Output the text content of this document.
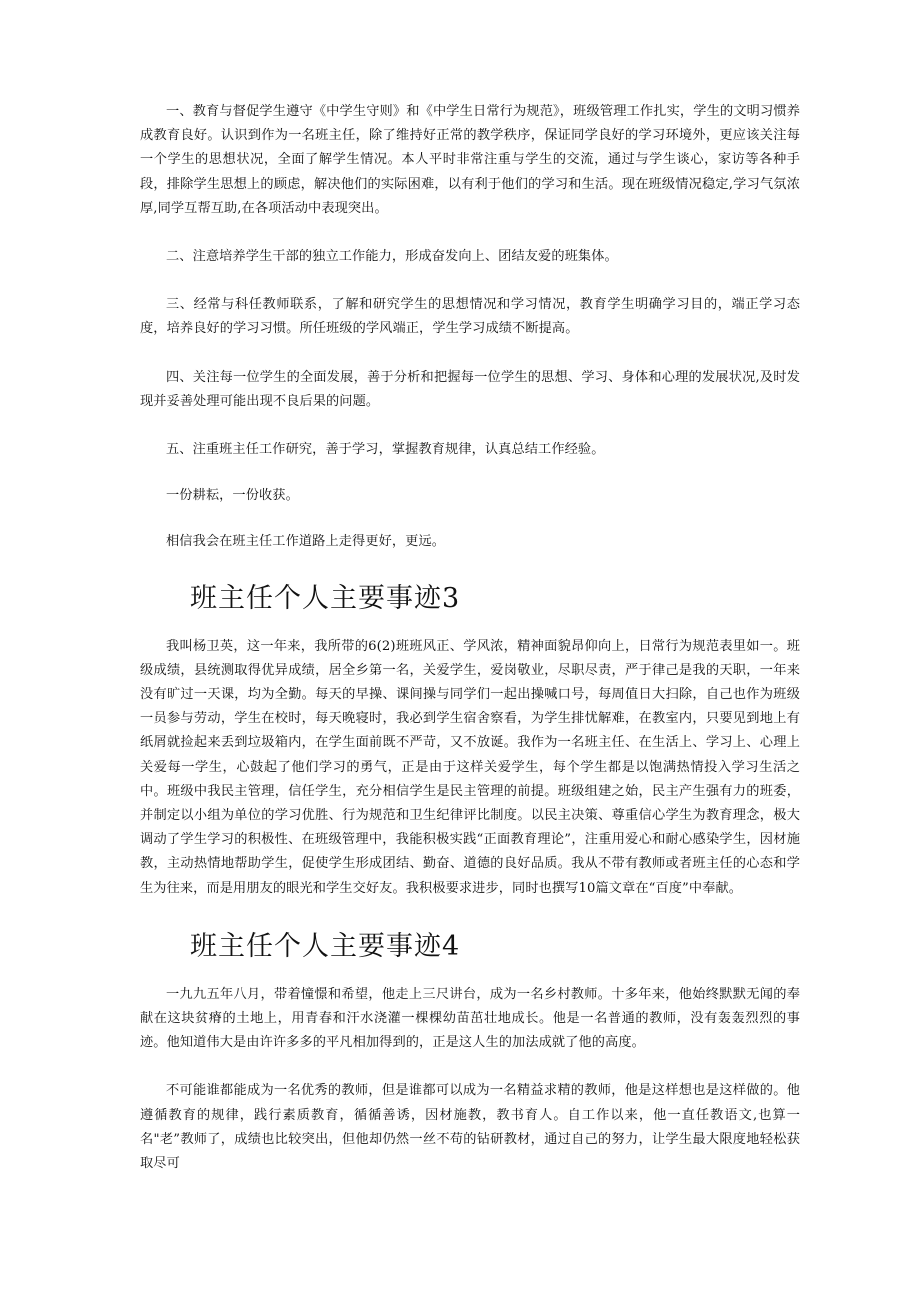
一、教育与督促学生遵守《中学生守则》和《中学生日常行为规范》，班级管理工作扎实，学生的文明习惯养成教育良好。认识到作为一名班主任，除了维持好正常的教学秩序，保证同学良好的学习环境外，更应该关注每一个学生的思想状况，全面了解学生情况。本人平时非常注重与学生的交流，通过与学生谈心，家访等各种手段，排除学生思想上的顾虑，解决他们的实际困难，以有利于他们的学习和生活。现在班级情况稳定,学习气氛浓厚,同学互帮互助,在各项活动中表现突出。

二、注意培养学生干部的独立工作能力，形成奋发向上、团结友爱的班集体。

三、经常与科任教师联系，了解和研究学生的思想情况和学习情况，教育学生明确学习目的，端正学习态度，培养良好的学习习惯。所任班级的学风端正，学生学习成绩不断提高。

四、关注每一位学生的全面发展，善于分析和把握每一位学生的思想、学习、身体和心理的发展状况,及时发现并妥善处理可能出现不良后果的问题。

五、注重班主任工作研究，善于学习，掌握教育规律，认真总结工作经验。

一份耕耘，一份收获。

相信我会在班主任工作道路上走得更好，更远。

班主任个人主要事迹3

我叫杨卫英，这一年来，我所带的6(2)班班风正、学风浓，精神面貌昂仰向上，日常行为规范表里如一。班级成绩，县统测取得优异成绩，居全乡第一名，关爱学生，爱岗敬业，尽职尽责，严于律己是我的天职，一年来没有旷过一天课，均为全勤。每天的早操、课间操与同学们一起出操喊口号，每周值日大扫除，自己也作为班级一员参与劳动，学生在校时，每天晚寝时，我必到学生宿舍察看，为学生排忧解难，在教室内，只要见到地上有纸屑就捡起来丢到垃圾箱内，在学生面前既不严苛，又不放诞。我作为一名班主任、在生活上、学习上、心理上关爱每一学生，心鼓起了他们学习的勇气，正是由于这样关爱学生，每个学生都是以饱满热情投入学习生活之中。班级中我民主管理，信任学生，充分相信学生是民主管理的前提。班级组建之始，民主产生强有力的班委，并制定以小组为单位的学习优胜、行为规范和卫生纪律评比制度。以民主决策、尊重信心学生为教育理念，极大调动了学生学习的积极性、在班级管理中，我能积极实践“正面教育理论”，注重用爱心和耐心感染学生，因材施教，主动热情地帮助学生，促使学生形成团结、勤奋、道德的良好品质。我从不带有教师或者班主任的心态和学生为往来，而是用朋友的眼光和学生交好友。我积极要求进步，同时也撰写10篇文章在“百度”中奉献。

班主任个人主要事迹4

一九九五年八月，带着憧憬和希望，他走上三尺讲台，成为一名乡村教师。十多年来，他始终默默无闻的奉献在这块贫瘠的土地上，用青春和汗水浇灌一棵棵幼苗茁壮地成长。他是一名普通的教师，没有轰轰烈烈的事迹。他知道伟大是由许许多多的平凡相加得到的，正是这人生的加法成就了他的高度。

不可能谁都能成为一名优秀的教师，但是谁都可以成为一名精益求精的教师，他是这样想也是这样做的。他遵循教育的规律，践行素质教育，循循善诱，因材施教，教书育人。自工作以来，他一直任教语文,也算一名"老”教师了，成绩也比较突出，但他却仍然一丝不苟的钻研教材，通过自己的努力，让学生最大限度地轻松获取尽可
